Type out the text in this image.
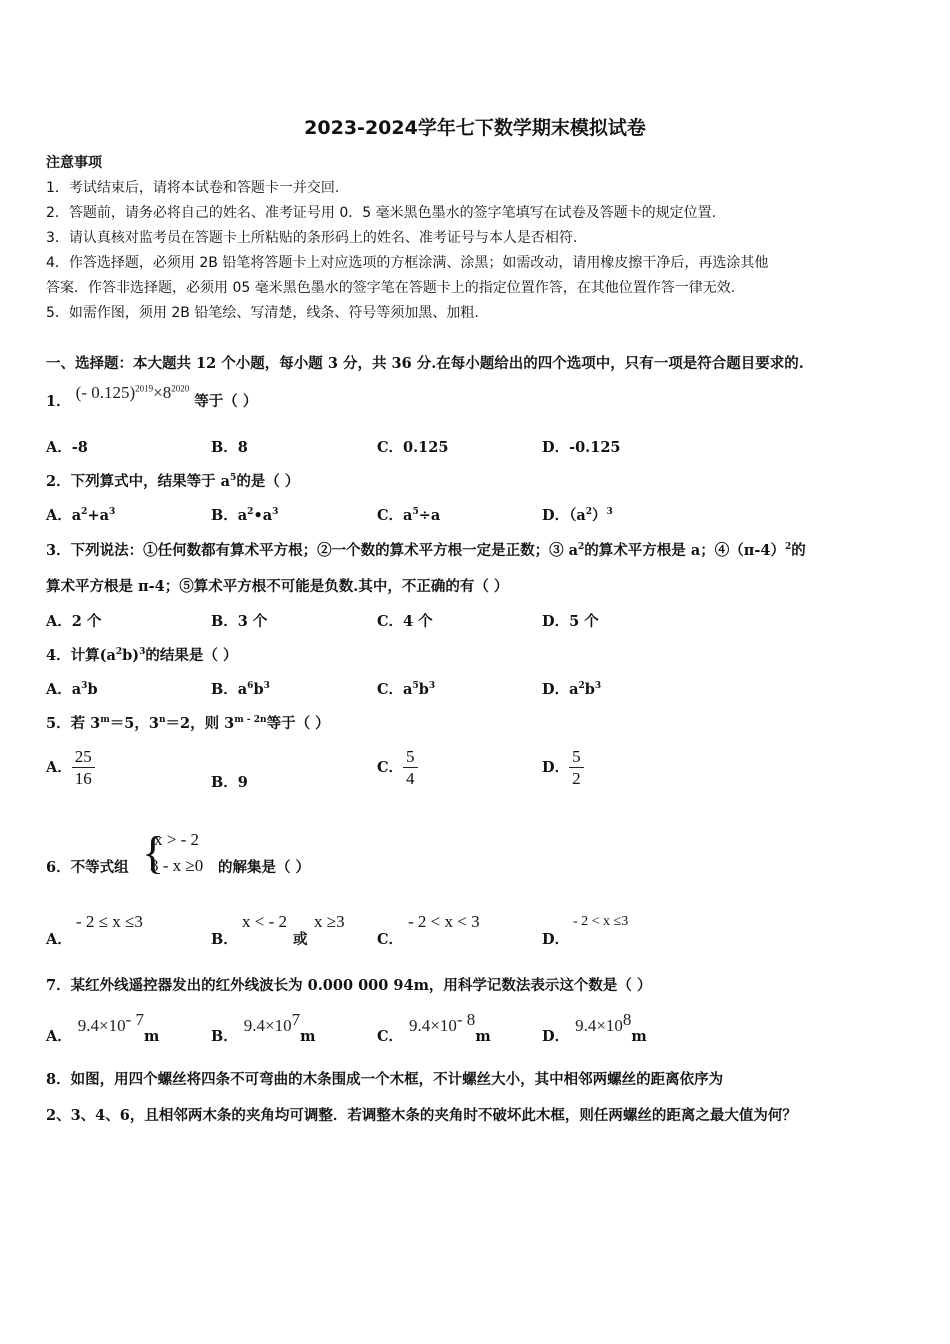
2023-2024学年七下数学期末模拟试卷
注意事项
1．考试结束后，请将本试卷和答题卡一并交回.
2．答题前，请务必将自己的姓名、准考证号用 0．5 毫米黑色墨水的签字笔填写在试卷及答题卡的规定位置.
3．请认真核对监考员在答题卡上所粘贴的条形码上的姓名、准考证号与本人是否相符.
4．作答选择题，必须用 2B 铅笔将答题卡上对应选项的方框涂满、涂黑；如需改动，请用橡皮擦干净后，再选涂其他
答案．作答非选择题，必须用 05 毫米黑色墨水的签字笔在答题卡上的指定位置作答，在其他位置作答一律无效.
5．如需作图，须用 2B 铅笔绘、写清楚，线条、符号等须加黑、加粗.
一、选择题：本大题共 12 个小题，每小题 3 分，共 36 分.在每小题给出的四个选项中，只有一项是符合题目要求的.
1． (- $0.125)^{2019}\times 8^{2020}$ 等于（ ）
A．-8	B．8	C．0.125	D．-0.125
2．下列算式中，结果等于 $a^5$的是（ ）
A．$a^2+a^3$	B．$a^2•a^3$	C．$a^5\div a$	D．$(a^2)^3$
3．下列说法：①任何数都有算术平方根；②一个数的算术平方根一定是正数；③ $a^2$的算术平方根是 a；$④(\pi-4)^2$的
算术平方根是 π-4；⑤算术平方根不可能是负数.其中，不正确的有（ ）
A．2 个	B．3 个	C．4 个	D．5 个
4．计算$(a^2b)^3$的结果是（ ）
A．$a^3b$	B．$a^6b^3$	C．$a^5b^3$	D．$a^2b^3$
5．若 $3^m=5$，$3^n=2$，则 $3^{m - 2n}$等于（ ）
A． $\frac{25}{16}$	B．9
C． $\frac{5}{4}$	D． $\frac{5}{2}$
6．不等式组 {
x > - 2
3 - x ≥0 的解集是（ ）
A．
- 2 ≤ x ≤3
B．
x < - 2
或
x ≥3
C．
- 2 < x < 3
D．
- 2 < x ≤3
7．某红外线遥控器发出的红外线波长为 0.000 000 94m，用科学记数法表示这个数是（ ）
A．$9.4\times 10^{- 7}m$	B．$9.4\times 10^7m$	C．$9.4\times 10^{- 8}m$	D．$9.4\times 10^8m$
8．如图，用四个螺丝将四条不可弯曲的木条围成一个木框，不计螺丝大小，其中相邻两螺丝的距离依序为
2、3、4、6，且相邻两木条的夹角均可调整．若调整木条的夹角时不破坏此木框，则任两螺丝的距离之最大值为何？
